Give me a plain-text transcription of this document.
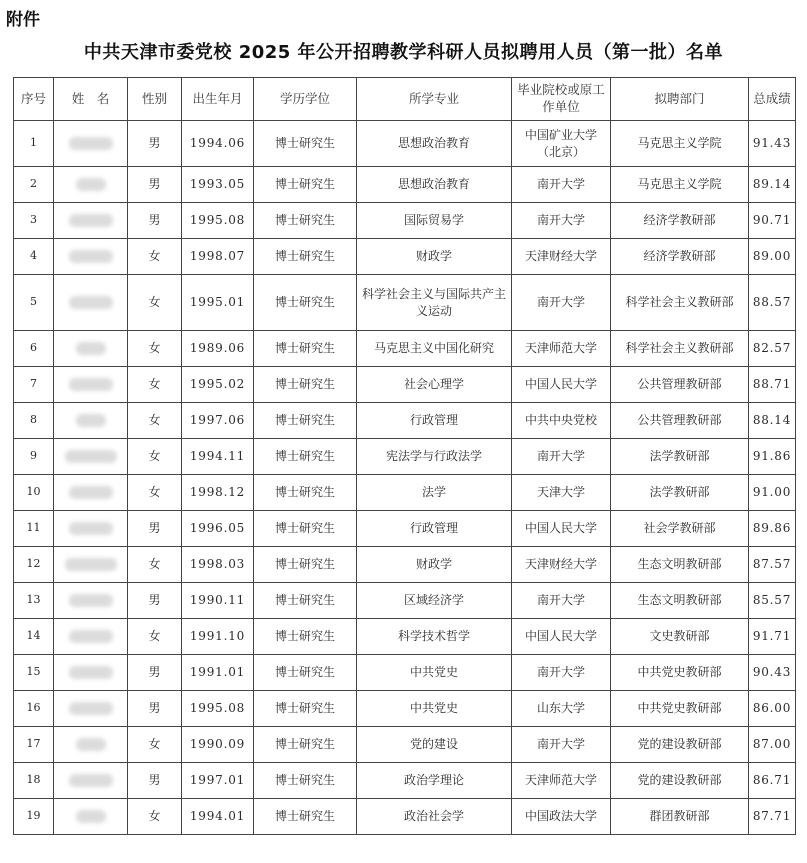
附件
中共天津市委党校 2025 年公开招聘教学科研人员拟聘用人员（第一批）名单
序号	姓　名	性别	出生年月	学历学位	所学专业	毕业院校或原工作单位	拟聘部门	总成绩
1		男	1994.06	博士研究生	思想政治教育	中国矿业大学（北京）	马克思主义学院	91.43
2		男	1993.05	博士研究生	思想政治教育	南开大学	马克思主义学院	89.14
3		男	1995.08	博士研究生	国际贸易学	南开大学	经济学教研部	90.71
4		女	1998.07	博士研究生	财政学	天津财经大学	经济学教研部	89.00
5		女	1995.01	博士研究生	科学社会主义与国际共产主义运动	南开大学	科学社会主义教研部	88.57
6		女	1989.06	博士研究生	马克思主义中国化研究	天津师范大学	科学社会主义教研部	82.57
7		女	1995.02	博士研究生	社会心理学	中国人民大学	公共管理教研部	88.71
8		女	1997.06	博士研究生	行政管理	中共中央党校	公共管理教研部	88.14
9		女	1994.11	博士研究生	宪法学与行政法学	南开大学	法学教研部	91.86
10		女	1998.12	博士研究生	法学	天津大学	法学教研部	91.00
11		男	1996.05	博士研究生	行政管理	中国人民大学	社会学教研部	89.86
12		女	1998.03	博士研究生	财政学	天津财经大学	生态文明教研部	87.57
13		男	1990.11	博士研究生	区域经济学	南开大学	生态文明教研部	85.57
14		女	1991.10	博士研究生	科学技术哲学	中国人民大学	文史教研部	91.71
15		男	1991.01	博士研究生	中共党史	南开大学	中共党史教研部	90.43
16		男	1995.08	博士研究生	中共党史	山东大学	中共党史教研部	86.00
17		女	1990.09	博士研究生	党的建设	南开大学	党的建设教研部	87.00
18		男	1997.01	博士研究生	政治学理论	天津师范大学	党的建设教研部	86.71
19		女	1994.01	博士研究生	政治社会学	中国政法大学	群团教研部	87.71
